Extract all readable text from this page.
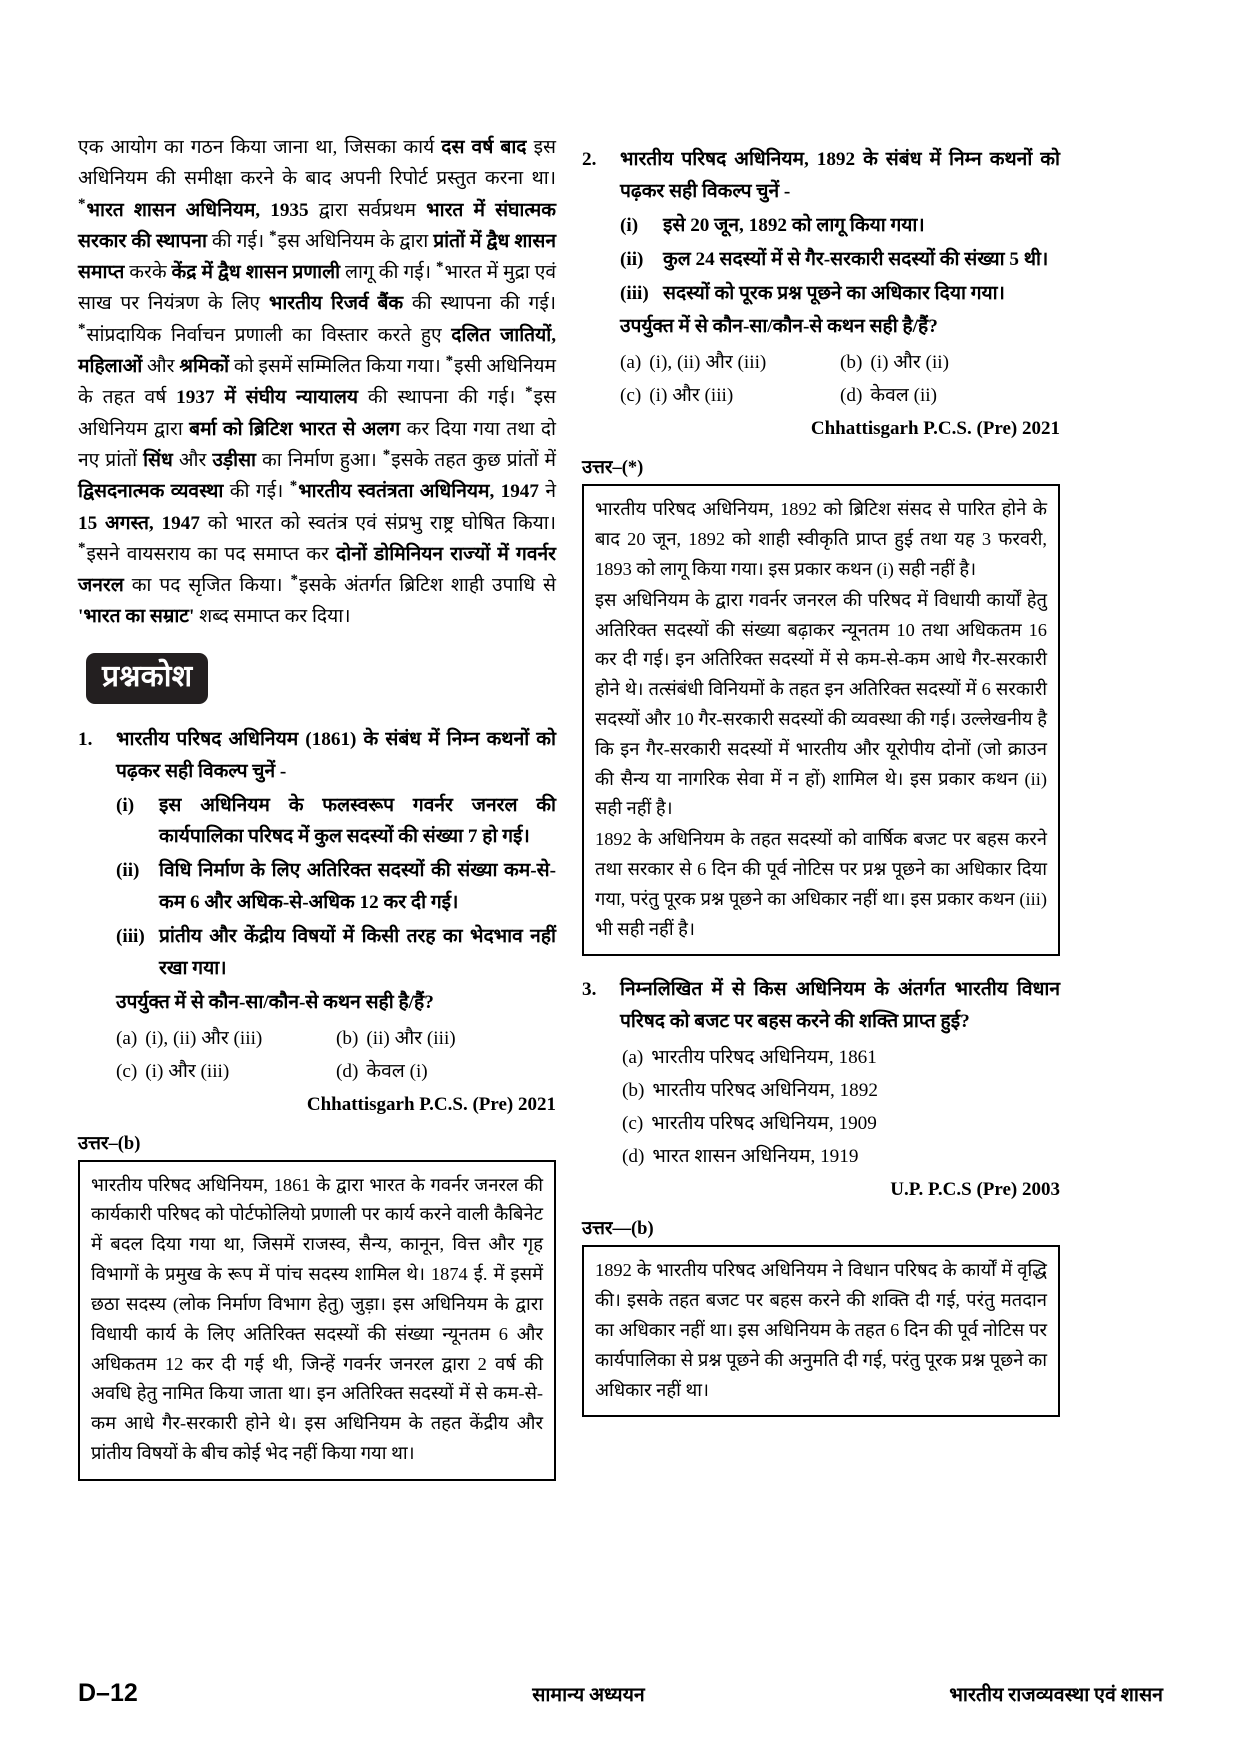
एक आयोग का गठन किया जाना था, जिसका कार्य दस वर्ष बाद इस अधिनियम की समीक्षा करने के बाद अपनी रिपोर्ट प्रस्तुत करना था। *भारत शासन अधिनियम, 1935 द्वारा सर्वप्रथम भारत में संघात्मक सरकार की स्थापना की गई। *इस अधिनियम के द्वारा प्रांतों में द्वैध शासन समाप्त करके केंद्र में द्वैध शासन प्रणाली लागू की गई। *भारत में मुद्रा एवं साख पर नियंत्रण के लिए भारतीय रिजर्व बैंक की स्थापना की गई। *सांप्रदायिक निर्वाचन प्रणाली का विस्तार करते हुए दलित जातियों, महिलाओं और श्रमिकों को इसमें सम्मिलित किया गया। *इसी अधिनियम के तहत वर्ष 1937 में संघीय न्यायालय की स्थापना की गई। *इस अधिनियम द्वारा बर्मा को ब्रिटिश भारत से अलग कर दिया गया तथा दो नए प्रांतों सिंध और उड़ीसा का निर्माण हुआ। *इसके तहत कुछ प्रांतों में द्विसदनात्मक व्यवस्था की गई। *भारतीय स्वतंत्रता अधिनियम, 1947 ने 15 अगस्त, 1947 को भारत को स्वतंत्र एवं संप्रभु राष्ट्र घोषित किया। *इसने वायसराय का पद समाप्त कर दोनों डोमिनियन राज्यों में गवर्नर जनरल का पद सृजित किया। *इसके अंतर्गत ब्रिटिश शाही उपाधि से 'भारत का सम्राट' शब्द समाप्त कर दिया।

प्रश्नकोश
1.	भारतीय परिषद अधिनियम (1861) के संबंध में निम्न कथनों को पढ़कर सही विकल्प चुनें -

(i)	इस अधिनियम के फलस्वरूप गवर्नर जनरल की कार्यपालिका परिषद में कुल सदस्यों की संख्या 7 हो गई।
(ii)	विधि निर्माण के लिए अतिरिक्त सदस्यों की संख्या कम-से-कम 6 और अधिक-से-अधिक 12 कर दी गई।
(iii) प्रांतीय और केंद्रीय विषयों में किसी तरह का भेदभाव नहीं रखा गया।
उपर्युक्त में से कौन-सा/कौन-से कथन सही है/हैं?
(a) (i), (ii) और (iii)	(b) (ii) और (iii)
(c) (i) और (iii)	(d) केवल (i)
Chhattisgarh P.C.S. (Pre) 2021
उत्तर–(b)

भारतीय परिषद अधिनियम, 1861 के द्वारा भारत के गवर्नर जनरल की कार्यकारी परिषद को पोर्टफोलियो प्रणाली पर कार्य करने वाली कैबिनेट में बदल दिया गया था, जिसमें राजस्व, सैन्य, कानून, वित्त और गृह विभागों के प्रमुख के रूप में पांच सदस्य शामिल थे। 1874 ई. में इसमें छठा सदस्य (लोक निर्माण विभाग हेतु) जुड़ा। इस अधिनियम के द्वारा विधायी कार्य के लिए अतिरिक्त सदस्यों की संख्या न्यूनतम 6 और अधिकतम 12 कर दी गई थी, जिन्हें गवर्नर जनरल द्वारा 2 वर्ष की अवधि हेतु नामित किया जाता था। इन अतिरिक्त सदस्यों में से कम-से-कम आधे गैर-सरकारी होने थे। इस अधिनियम के तहत केंद्रीय और प्रांतीय विषयों के बीच कोई भेद नहीं किया गया था।

2.	भारतीय परिषद अधिनियम, 1892 के संबंध में निम्न कथनों को पढ़कर सही विकल्प चुनें -

(i)	इसे 20 जून, 1892 को लागू किया गया।
(ii)	कुल 24 सदस्यों में से गैर-सरकारी सदस्यों की संख्या 5 थी।
(iii) सदस्यों को पूरक प्रश्न पूछने का अधिकार दिया गया।
उपर्युक्त में से कौन-सा/कौन-से कथन सही है/हैं?
(a) (i), (ii) और (iii)	(b) (i) और (ii)
(c) (i) और (iii)	(d) केवल (ii)
Chhattisgarh P.C.S. (Pre) 2021
उत्तर–(*)

भारतीय परिषद अधिनियम, 1892 को ब्रिटिश संसद से पारित होने के बाद 20 जून, 1892 को शाही स्वीकृति प्राप्त हुई तथा यह 3 फरवरी, 1893 को लागू किया गया। इस प्रकार कथन (i) सही नहीं है।

इस अधिनियम के द्वारा गवर्नर जनरल की परिषद में विधायी कार्यों हेतु अतिरिक्त सदस्यों की संख्या बढ़ाकर न्यूनतम 10 तथा अधिकतम 16 कर दी गई। इन अतिरिक्त सदस्यों में से कम-से-कम आधे गैर-सरकारी होने थे। तत्संबंधी विनियमों के तहत इन अतिरिक्त सदस्यों में 6 सरकारी सदस्यों और 10 गैर-सरकारी सदस्यों की व्यवस्था की गई। उल्लेखनीय है कि इन गैर-सरकारी सदस्यों में भारतीय और यूरोपीय दोनों (जो क्राउन की सैन्य या नागरिक सेवा में न हों) शामिल थे। इस प्रकार कथन (ii) सही नहीं है।

1892 के अधिनियम के तहत सदस्यों को वार्षिक बजट पर बहस करने तथा सरकार से 6 दिन की पूर्व नोटिस पर प्रश्न पूछने का अधिकार दिया गया, परंतु पूरक प्रश्न पूछने का अधिकार नहीं था। इस प्रकार कथन (iii) भी सही नहीं है।

3.	निम्नलिखित में से किस अधिनियम के अंतर्गत भारतीय विधान परिषद को बजट पर बहस करने की शक्ति प्राप्त हुई?

(a) भारतीय परिषद अधिनियम, 1861
(b) भारतीय परिषद अधिनियम, 1892
(c) भारतीय परिषद अधिनियम, 1909
(d) भारत शासन अधिनियम, 1919
U.P. P.C.S (Pre) 2003
उत्तर—(b)

1892 के भारतीय परिषद अधिनियम ने विधान परिषद के कार्यों में वृद्धि की। इसके तहत बजट पर बहस करने की शक्ति दी गई, परंतु मतदान का अधिकार नहीं था। इस अधिनियम के तहत 6 दिन की पूर्व नोटिस पर कार्यपालिका से प्रश्न पूछने की अनुमति दी गई, परंतु पूरक प्रश्न पूछने का अधिकार नहीं था।

D–12	सामान्य अध्ययन	भारतीय राजव्यवस्था एवं शासन
